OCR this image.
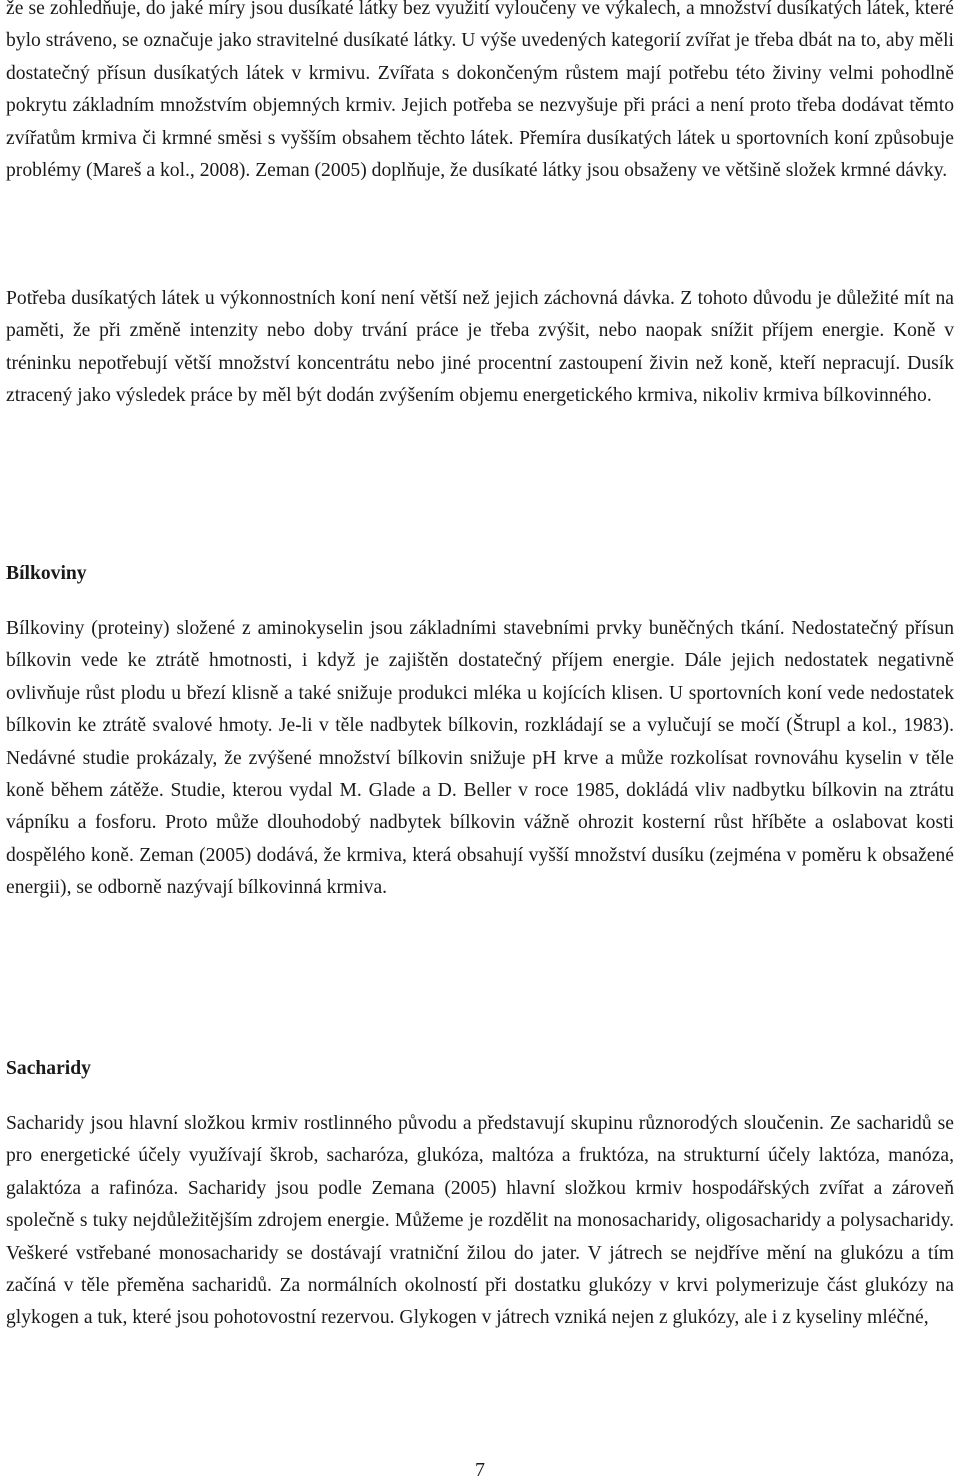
že se zohledňuje, do jaké míry jsou dusíkaté látky bez využití vyloučeny ve výkalech, a množství dusíkatých látek, které bylo stráveno, se označuje jako stravitelné dusíkaté látky. U výše uvedených kategorií zvířat je třeba dbát na to, aby měli dostatečný přísun dusíkatých látek v krmivu. Zvířata s dokončeným růstem mají potřebu této živiny velmi pohodlně pokrytu základním množstvím objemných krmiv. Jejich potřeba se nezvyšuje při práci a není proto třeba dodávat těmto zvířatům krmiva či krmné směsi s vyšším obsahem těchto látek. Přemíra dusíkatých látek u sportovních koní způsobuje problémy (Mareš a kol., 2008). Zeman (2005) doplňuje, že dusíkaté látky jsou obsaženy ve většině složek krmné dávky.

Potřeba dusíkatých látek u výkonnostních koní není větší než jejich záchovná dávka. Z tohoto důvodu je důležité mít na paměti, že při změně intenzity nebo doby trvání práce je třeba zvýšit, nebo naopak snížit příjem energie. Koně v tréninku nepotřebují větší množství koncentrátu nebo jiné procentní zastoupení živin než koně, kteří nepracují. Dusík ztracený jako výsledek práce by měl být dodán zvýšením objemu energetického krmiva, nikoliv krmiva bílkovinného.

Bílkoviny

Bílkoviny (proteiny) složené z aminokyselin jsou základními stavebními prvky buněčných tkání. Nedostatečný přísun bílkovin vede ke ztrátě hmotnosti, i když je zajištěn dostatečný příjem energie. Dále jejich nedostatek negativně ovlivňuje růst plodu u březí klisně a také snižuje produkci mléka u kojících klisen. U sportovních koní vede nedostatek bílkovin ke ztrátě svalové hmoty. Je-li v těle nadbytek bílkovin, rozkládají se a vylučují se močí (Štrupl a kol., 1983). Nedávné studie prokázaly, že zvýšené množství bílkovin snižuje pH krve a může rozkolísat rovnováhu kyselin v těle koně během zátěže. Studie, kterou vydal M. Glade a D. Beller v roce 1985, dokládá vliv nadbytku bílkovin na ztrátu vápníku a fosforu. Proto může dlouhodobý nadbytek bílkovin vážně ohrozit kosterní růst hříběte a oslabovat kosti dospělého koně. Zeman (2005) dodává, že krmiva, která obsahují vyšší množství dusíku (zejména v poměru k obsažené energii), se odborně nazývají bílkovinná krmiva.

Sacharidy

Sacharidy jsou hlavní složkou krmiv rostlinného původu a představují skupinu různorodých sloučenin. Ze sacharidů se pro energetické účely využívají škrob, sacharóza, glukóza, maltóza a fruktóza, na strukturní účely laktóza, manóza, galaktóza a rafinóza. Sacharidy jsou podle Zemana (2005) hlavní složkou krmiv hospodářských zvířat a zároveň společně s tuky nejdůležitějším zdrojem energie. Můžeme je rozdělit na monosacharidy, oligosacharidy a polysacharidy. Veškeré vstřebané monosacharidy se dostávají vratniční žilou do jater. V játrech se nejdříve mění na glukózu a tím začíná v těle přeměna sacharidů. Za normálních okolností při dostatku glukózy v krvi polymerizuje část glukózy na glykogen a tuk, které jsou pohotovostní rezervou. Glykogen v játrech vzniká nejen z glukózy, ale i z kyseliny mléčné,

7
